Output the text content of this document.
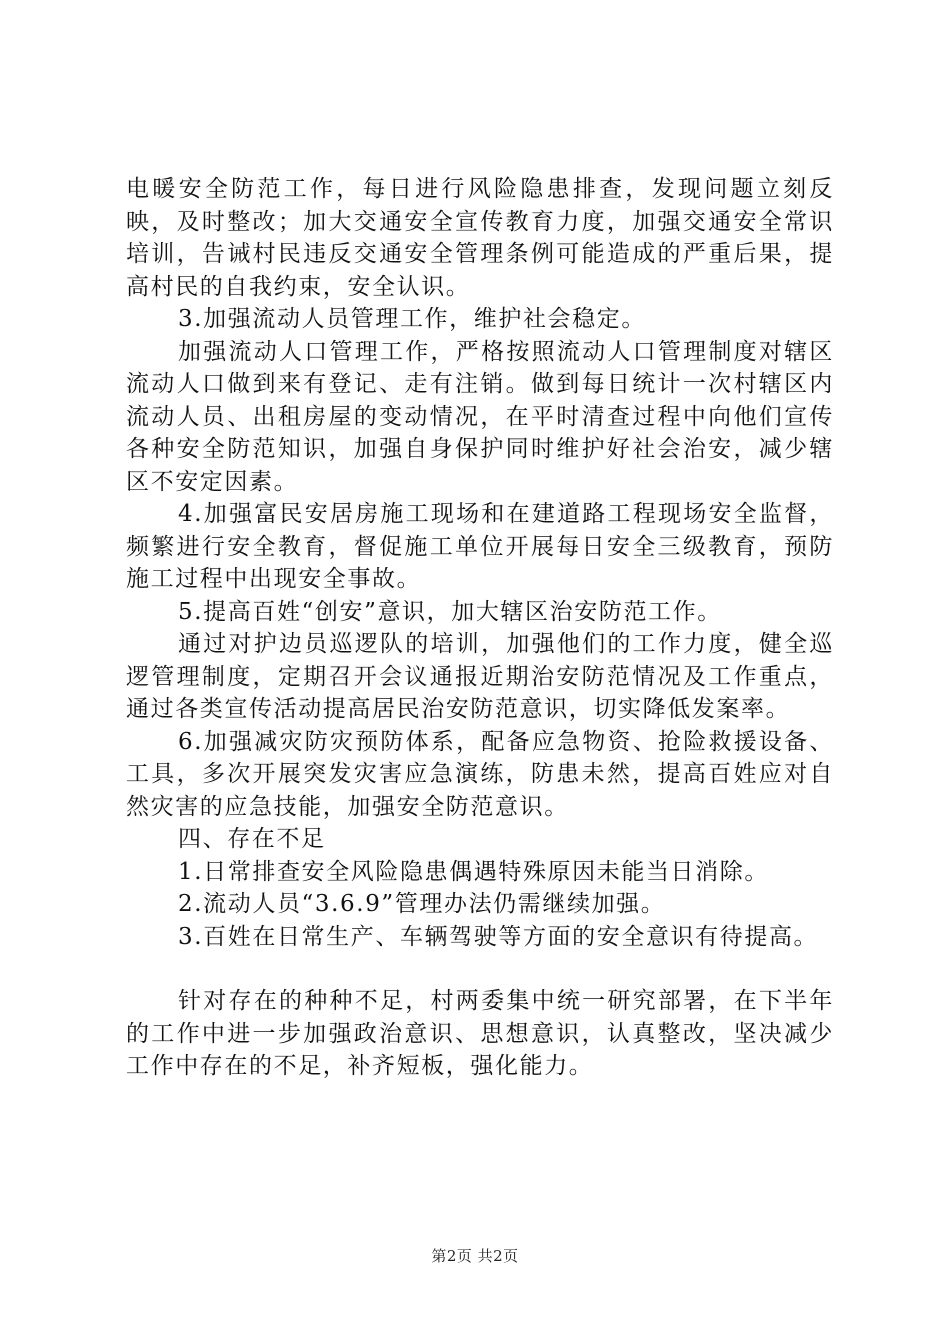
电暖安全防范工作，每日进行风险隐患排查，发现问题立刻反映，及时整改；加大交通安全宣传教育力度，加强交通安全常识培训，告诫村民违反交通安全管理条例可能造成的严重后果，提高村民的自我约束，安全认识。

3.加强流动人员管理工作，维护社会稳定。

加强流动人口管理工作，严格按照流动人口管理制度对辖区流动人口做到来有登记、走有注销。做到每日统计一次村辖区内流动人员、出租房屋的变动情况，在平时清查过程中向他们宣传各种安全防范知识，加强自身保护同时维护好社会治安，减少辖区不安定因素。

4.加强富民安居房施工现场和在建道路工程现场安全监督，频繁进行安全教育，督促施工单位开展每日安全三级教育，预防施工过程中出现安全事故。

5.提高百姓“创安”意识，加大辖区治安防范工作。

通过对护边员巡逻队的培训，加强他们的工作力度，健全巡逻管理制度，定期召开会议通报近期治安防范情况及工作重点，通过各类宣传活动提高居民治安防范意识，切实降低发案率。

6.加强减灾防灾预防体系，配备应急物资、抢险救援设备、工具，多次开展突发灾害应急演练，防患未然，提高百姓应对自然灾害的应急技能，加强安全防范意识。

四、存在不足

1.日常排查安全风险隐患偶遇特殊原因未能当日消除。

2.流动人员“3.6.9”管理办法仍需继续加强。

3.百姓在日常生产、车辆驾驶等方面的安全意识有待提高。

针对存在的种种不足，村两委集中统一研究部署，在下半年的工作中进一步加强政治意识、思想意识，认真整改，坚决减少工作中存在的不足，补齐短板，强化能力。

第2页 共2页
